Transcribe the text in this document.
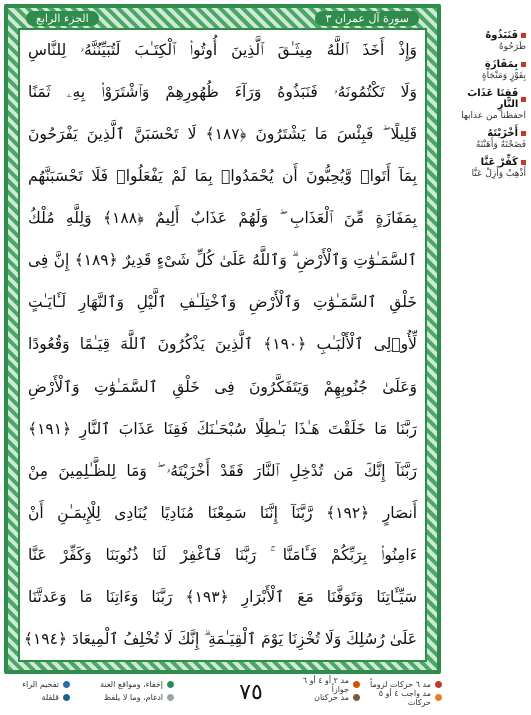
الجزء الرابع	سورة آل عمران ٣
وَإِذْ أَخَذَ ٱللَّهُ مِيثَـٰقَ ٱلَّذِينَ أُوتُوا۟ ٱلْكِتَـٰبَ لَتُبَيِّنُنَّهُۥ لِلنَّاسِ
وَلَا تَكْتُمُونَهُۥ فَنَبَذُوهُ وَرَآءَ ظُهُورِهِمْ وَٱشْتَرَوْا۟ بِهِۦ ثَمَنًا
قَلِيلًا ۖ فَبِئْسَ مَا يَشْتَرُونَ ﴿١٨٧﴾ لَا تَحْسَبَنَّ ٱلَّذِينَ يَفْرَحُونَ
بِمَآ أَتَوا۟ وَّيُحِبُّونَ أَن يُحْمَدُوا۟ بِمَا لَمْ يَفْعَلُوا۟ فَلَا تَحْسَبَنَّهُم
بِمَفَازَةٍ مِّنَ ٱلْعَذَابِ ۖ وَلَهُمْ عَذَابٌ أَلِيمٌ ﴿١٨٨﴾ وَلِلَّهِ مُلْكُ
ٱلسَّمَـٰوَٰتِ وَٱلْأَرْضِ ۗ وَٱللَّهُ عَلَىٰ كُلِّ شَىْءٍ قَدِيرٌ ﴿١٨٩﴾ إِنَّ فِى
خَلْقِ ٱلسَّمَـٰوَٰتِ وَٱلْأَرْضِ وَٱخْتِلَـٰفِ ٱلَّيْلِ وَٱلنَّهَارِ لَـَٔايَـٰتٍ
لِّأُو۟لِى ٱلْأَلْبَـٰبِ ﴿١٩٠﴾ ٱلَّذِينَ يَذْكُرُونَ ٱللَّهَ قِيَـٰمًا وَقُعُودًا
وَعَلَىٰ جُنُوبِهِمْ وَيَتَفَكَّرُونَ فِى خَلْقِ ٱلسَّمَـٰوَٰتِ وَٱلْأَرْضِ
رَبَّنَا مَا خَلَقْتَ هَـٰذَا بَـٰطِلًا سُبْحَـٰنَكَ فَقِنَا عَذَابَ ٱلنَّارِ ﴿١٩١﴾
رَبَّنَآ إِنَّكَ مَن تُدْخِلِ ٱلنَّارَ فَقَدْ أَخْزَيْتَهُۥ ۖ وَمَا لِلظَّـٰلِمِينَ مِنْ
أَنصَارٍ ﴿١٩٢﴾ رَّبَّنَآ إِنَّنَا سَمِعْنَا مُنَادِيًا يُنَادِى لِلْإِيمَـٰنِ أَنْ
ءَامِنُوا۟ بِرَبِّكُمْ فَـَٔامَنَّا ۚ رَبَّنَا فَٱغْفِرْ لَنَا ذُنُوبَنَا وَكَفِّرْ عَنَّا
سَيِّـَٔاتِنَا وَتَوَفَّنَا مَعَ ٱلْأَبْرَارِ ﴿١٩٣﴾ رَبَّنَا وَءَاتِنَا مَا وَعَدتَّنَا
عَلَىٰ رُسُلِكَ وَلَا تُخْزِنَا يَوْمَ ٱلْقِيَـٰمَةِ ۗ إِنَّكَ لَا تُخْلِفُ ٱلْمِيعَادَ ﴿١٩٤﴾
فَنَبَذُوهُ
طَرَحُوهُ
بِمَفَازَةٍ
بِفَوْزٍ وَمَنْجَاةٍ
فَقِنَا عَذَابَ النَّارِ
احفظنا من عذابها
أَخْزَيْتَهُ
فَضَحْتَهُ وَأَهَنْتَهُ
كَفِّرْ عَنَّا
أَذْهِبْ وَأَزِلْ عَنَّا
تفخيم الراء
قلقلة
إخفاء، ومواقع الغنة
ادغام، وما لا يلفظ	٧٥	مد ٢ أو ٤ أو ٦ جوازاً
مد حركتان
مد ٦ حركات لزوماً
مد واجب ٤ أو ٥ حركات
